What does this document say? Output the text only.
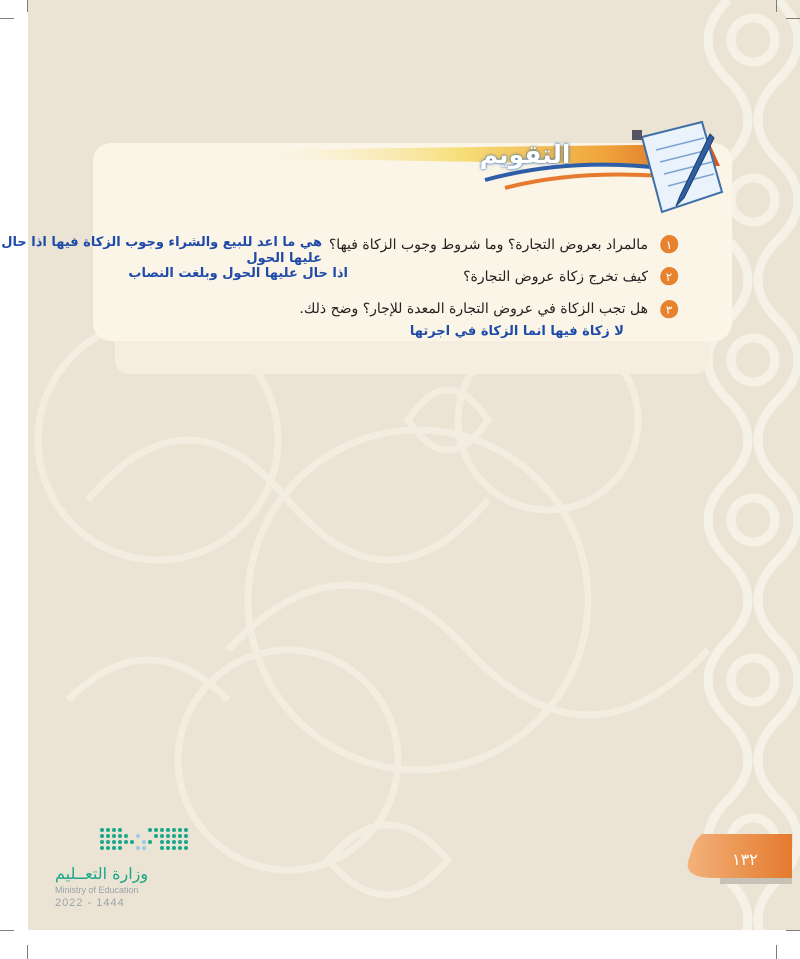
التقويم
١
مالمراد بعروض التجارة؟ وما شروط وجوب الزكاة فيها؟
٢
كيف تخرج زكاة عروض التجارة؟
٣
هل تجب الزكاة في عروض التجارة المعدة للإجار؟ وضح ذلك.
هي ما اعد للبيع والشراء وجوب الزكاة فيها اذا حال
عليها الحول
اذا حال عليها الحول وبلغت النصاب
لا زكاة فيها انما الزكاة في اجرتها
وزارة التعــليم
Ministry of Education
2022 - 1444
١٣٢
